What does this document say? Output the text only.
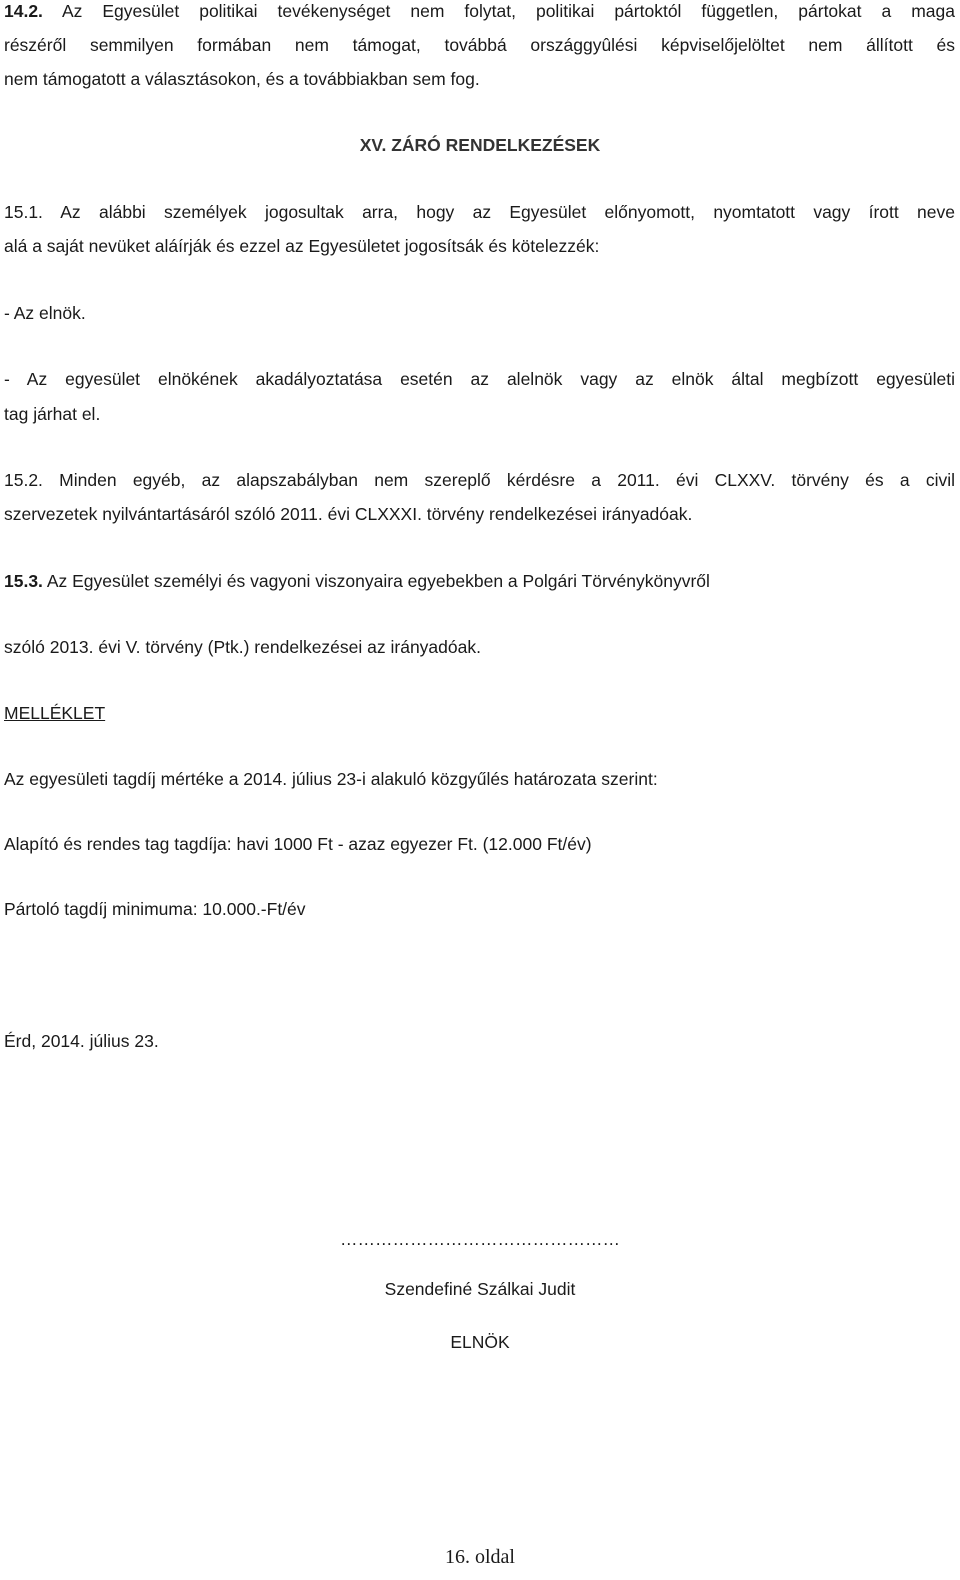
14.2. Az Egyesület politikai tevékenységet nem folytat, politikai pártoktól független, pártokat a maga
részéről semmilyen formában nem támogat, továbbá országgyûlési képviselőjelöltet nem állított és
nem támogatott a választásokon, és a továbbiakban sem fog.
XV. ZÁRÓ RENDELKEZÉSEK
15.1. Az alábbi személyek jogosultak arra, hogy az Egyesület előnyomott, nyomtatott vagy írott neve
alá a saját nevüket aláírják és ezzel az Egyesületet jogosítsák és kötelezzék:
- Az elnök.
- Az egyesület elnökének akadályoztatása esetén az alelnök vagy az elnök által megbízott egyesületi
tag járhat el.
15.2. Minden egyéb, az alapszabályban nem szereplő kérdésre a 2011. évi CLXXV. törvény és a civil
szervezetek nyilvántartásáról szóló 2011. évi CLXXXI. törvény rendelkezései irányadóak.
15.3. Az Egyesület személyi és vagyoni viszonyaira egyebekben a Polgári Törvénykönyvről
szóló 2013. évi V. törvény (Ptk.) rendelkezései az irányadóak.
MELLÉKLET
Az egyesületi tagdíj mértéke a 2014. július 23-i alakuló közgyűlés határozata szerint:
Alapító és rendes tag tagdíja: havi 1000 Ft - azaz egyezer Ft. (12.000 Ft/év)
Pártoló tagdíj minimuma: 10.000.-Ft/év
Érd, 2014. július 23.
…………………………………………
Szendefiné Szálkai Judit
ELNÖK
16. oldal
